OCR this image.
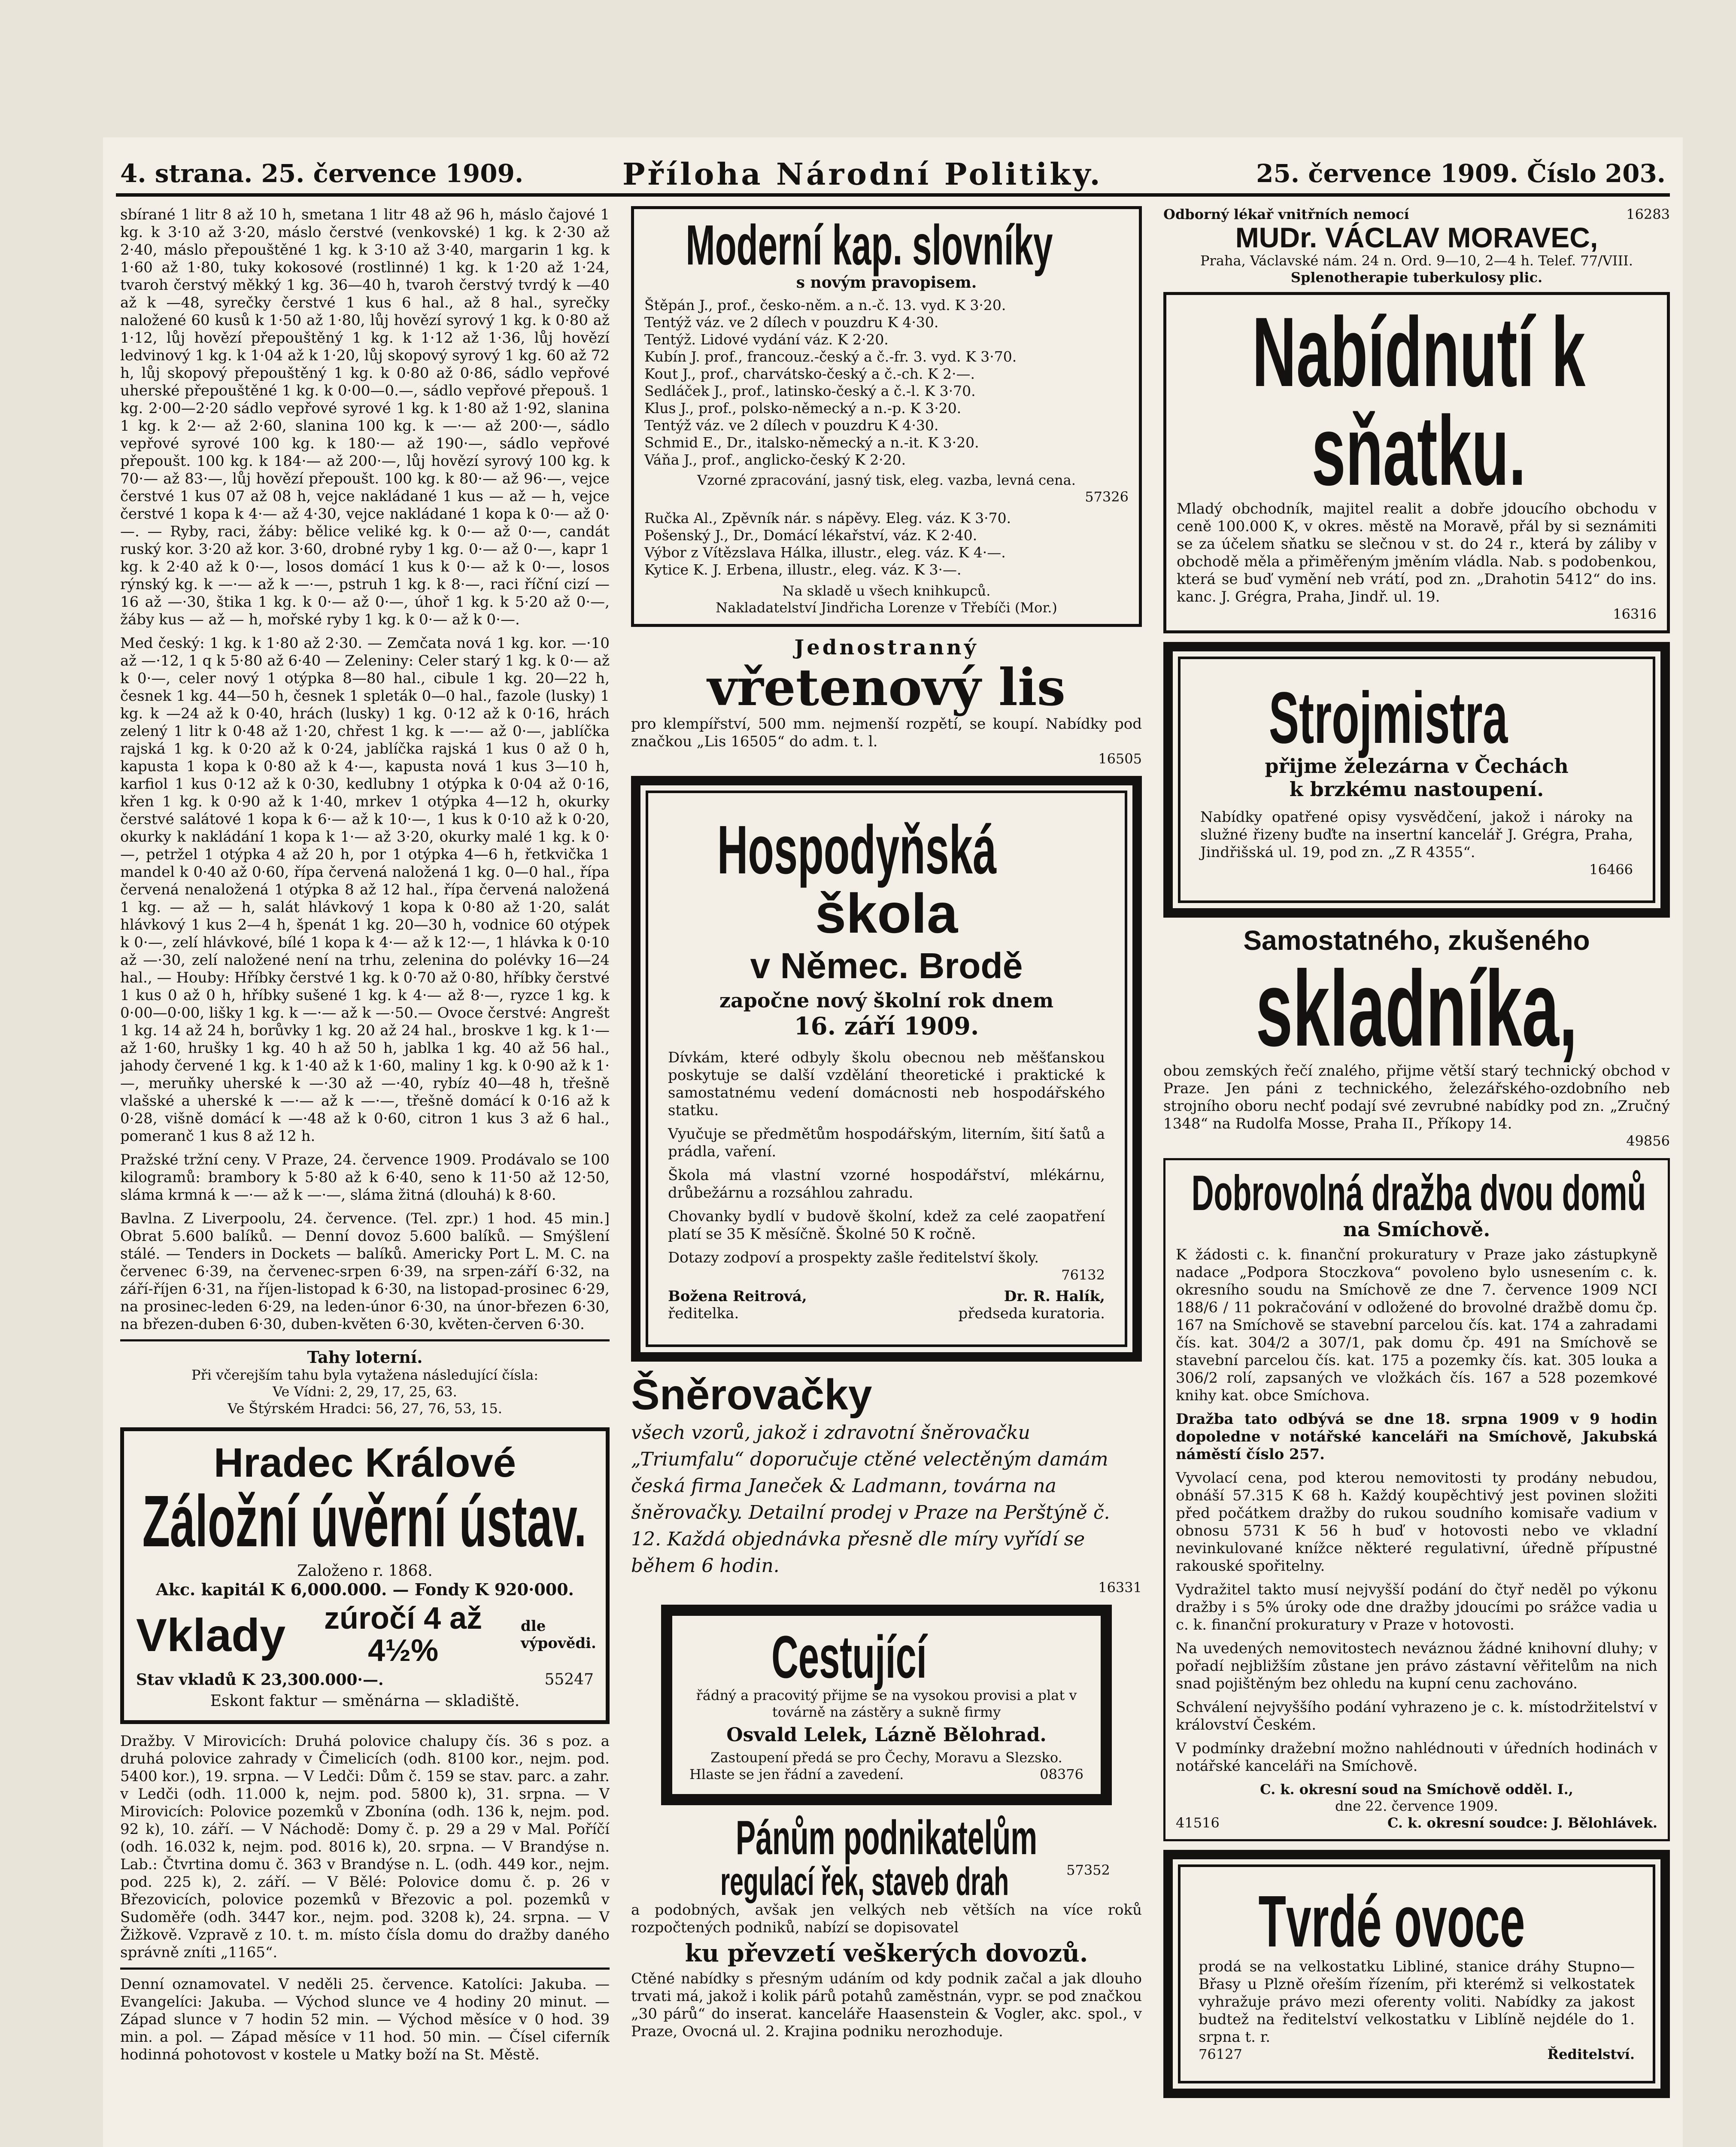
4. strana. 25. července 1909.	Příloha Národní Politiky.	25. července 1909. Číslo 203.

sbírané 1 litr 8 až 10 h, smetana 1 litr 48 až 96 h, máslo čajové 1 kg. k 3·10 až 3·20, máslo čerstvé (venkovské) 1 kg. k 2·30 až 2·40, máslo přepouštěné 1 kg. k 3·10 až 3·40, margarin 1 kg. k 1·60 až 1·80, tuky kokosové (rostlinné) 1 kg. k 1·20 až 1·24, tvaroh čerstvý měkký 1 kg. 36—40 h, tvaroh čerstvý tvrdý k —40 až k —48, syrečky čerstvé 1 kus 6 hal., až 8 hal., syrečky naložené 60 kusů k 1·50 až 1·80, lůj hovězí syrový 1 kg. k 0·80 až 1·12, lůj hovězí přepouštěný 1 kg. k 1·12 až 1·36, lůj hovězí ledvinový 1 kg. k 1·04 až k 1·20, lůj skopový syrový 1 kg. 60 až 72 h, lůj skopový přepouštěný 1 kg. k 0·80 až 0·86, sádlo vepřové uherské přepouštěné 1 kg. k 0·00—0.—, sádlo vepřové přepouš. 1 kg. 2·00—2·20 sádlo vepřové syrové 1 kg. k 1·80 až 1·92, slanina 1 kg. k 2·— až 2·60, slanina 100 kg. k —·— až 200·—, sádlo vepřové syrové 100 kg. k 180·— až 190·—, sádlo vepřové přepoušt. 100 kg. k 184·— až 200·—, lůj hovězí syrový 100 kg. k 70·— až 83·—, lůj hovězí přepoušt. 100 kg. k 80·— až 96·—, vejce čerstvé 1 kus 07 až 08 h, vejce nakládané 1 kus — až — h, vejce čerstvé 1 kopa k 4·— až 4·30, vejce nakládané 1 kopa k 0·— až 0·—. — Ryby, raci, žáby: bělice veliké kg. k 0·— až 0·—, candát ruský kor. 3·20 až kor. 3·60, drobné ryby 1 kg. 0·— až 0·—, kapr 1 kg. k 2·40 až k 0·—, losos domácí 1 kus k 0·— až k 0·—, losos rýnský kg. k —·— až k —·—, pstruh 1 kg. k 8·—, raci říční cizí —16 až —·30, štika 1 kg. k 0·— až 0·—, úhoř 1 kg. k 5·20 až 0·—, žáby kus — až — h, mořské ryby 1 kg. k 0·— až k 0·—.

Med český: 1 kg. k 1·80 až 2·30. — Zemčata nová 1 kg. kor. —·10 až —·12, 1 q k 5·80 až 6·40 — Zeleniny: Celer starý 1 kg. k 0·— až k 0·—, celer nový 1 otýpka 8—80 hal., cibule 1 kg. 20—22 h, česnek 1 kg. 44—50 h, česnek 1 spleták 0—0 hal., fazole (lusky) 1 kg. k —24 až k 0·40, hrách (lusky) 1 kg. 0·12 až k 0·16, hrách zelený 1 litr k 0·48 až 1·20, chřest 1 kg. k —·— až 0·—, jablíčka rajská 1 kg. k 0·20 až k 0·24, jablíčka rajská 1 kus 0 až 0 h, kapusta 1 kopa k 0·80 až k 4·—, kapusta nová 1 kus 3—10 h, karfiol 1 kus 0·12 až k 0·30, kedlubny 1 otýpka k 0·04 až 0·16, křen 1 kg. k 0·90 až k 1·40, mrkev 1 otýpka 4—12 h, okurky čerstvé salátové 1 kopa k 6·— až k 10·—, 1 kus k 0·10 až k 0·20, okurky k nakládání 1 kopa k 1·— až 3·20, okurky malé 1 kg. k 0·—, petržel 1 otýpka 4 až 20 h, por 1 otýpka 4—6 h, řetkvička 1 mandel k 0·40 až 0·60, řípa červená naložená 1 kg. 0—0 hal., řípa červená nenaložená 1 otýpka 8 až 12 hal., řípa červená naložená 1 kg. — až — h, salát hlávkový 1 kopa k 0·80 až 1·20, salát hlávkový 1 kus 2—4 h, špenát 1 kg. 20—30 h, vodnice 60 otýpek k 0·—, zelí hlávkové, bílé 1 kopa k 4·— až k 12·—, 1 hlávka k 0·10 až —·30, zelí naložené není na trhu, zelenina do polévky 16—24 hal., — Houby: Hříbky čerstvé 1 kg. k 0·70 až 0·80, hříbky čerstvé 1 kus 0 až 0 h, hříbky sušené 1 kg. k 4·— až 8·—, ryzce 1 kg. k 0·00—0·00, lišky 1 kg. k —·— až k —·50.— Ovoce čerstvé: Angrešt 1 kg. 14 až 24 h, borůvky 1 kg. 20 až 24 hal., broskve 1 kg. k 1·— až 1·60, hrušky 1 kg. 40 h až 50 h, jablka 1 kg. 40 až 56 hal., jahody červené 1 kg. k 1·40 až k 1·60, maliny 1 kg. k 0·90 až k 1·—, meruňky uherské k —·30 až —·40, rybíz 40—48 h, třešně vlašské a uherské k —·— až k —·—, třešně domácí k 0·16 až k 0·28, višně domácí k —·48 až k 0·60, citron 1 kus 3 až 6 hal., pomeranč 1 kus 8 až 12 h.

Pražské tržní ceny. V Praze, 24. července 1909. Prodávalo se 100 kilogramů: brambory k 5·80 až k 6·40, seno k 11·50 až 12·50, sláma krmná k —·— až k —·—, sláma žitná (dlouhá) k 8·60.

Bavlna. Z Liverpoolu, 24. července. (Tel. zpr.) 1 hod. 45 min.] Obrat 5.600 balíků. — Denní dovoz 5.600 balíků. — Smýšlení stálé. — Tenders in Dockets — balíků. Americky Port L. M. C. na červenec 6·39, na červenec-srpen 6·39, na srpen-září 6·32, na září-říjen 6·31, na říjen-listopad k 6·30, na listopad-prosinec 6·29, na prosinec-leden 6·29, na leden-únor 6·30, na únor-březen 6·30, na březen-duben 6·30, duben-květen 6·30, květen-červen 6·30.

Tahy loterní.
Při včerejším tahu byla vytažena následující čísla:
Ve Vídni: 2, 29, 17, 25, 63.
Ve Štýrském Hradci: 56, 27, 76, 53, 15.
Hradec Králové
Záložní úvěrní ústav.
Založeno r. 1868.
Akc. kapitál K 6,000.000. — Fondy K 920·000.
Vklady	zúročí 4 až 4½%
dle výpovědi.
Stav vkladů K 23,300.000·—.	55247
Eskont faktur — směnárna — skladiště.

Dražby. V Mirovicích: Druhá polovice chalupy čís. 36 s poz. a druhá polovice zahrady v Čimelicích (odh. 8100 kor., nejm. pod. 5400 kor.), 19. srpna. — V Ledči: Dům č. 159 se stav. parc. a zahr. v Ledči (odh. 11.000 k, nejm. pod. 5800 k), 31. srpna. — V Mirovicích: Polovice pozemků v Zbonína (odh. 136 k, nejm. pod. 92 k), 10. září. — V Náchodě: Domy č. p. 29 a 29 v Mal. Poříčí (odh. 16.032 k, nejm. pod. 8016 k), 20. srpna. — V Brandýse n. Lab.: Čtvrtina domu č. 363 v Brandýse n. L. (odh. 449 kor., nejm. pod. 225 k), 2. září. — V Bělé: Polovice domu č. p. 26 v Březovicích, polovice pozemků v Březovic a pol. pozemků v Sudoměře (odh. 3447 kor., nejm. pod. 3208 k), 24. srpna. — V Žižkově. Vzpravě z 10. t. m. místo čísla domu do dražby daného správně zníti „1165“.

Denní oznamovatel. V neděli 25. července. Katolíci: Jakuba. — Evangelíci: Jakuba. — Východ slunce ve 4 hodiny 20 minut. — Západ slunce v 7 hodin 52 min. — Východ měsíce v 0 hod. 39 min. a pol. — Západ měsíce v 11 hod. 50 min. — Čísel ciferník hodinná pohotovost v kostele u Matky boží na St. Městě.

Moderní kap. slovníky
s novým pravopisem.
Štěpán J., prof., česko-něm. a n.-č. 13. vyd. K 3·20.
Tentýž váz. ve 2 dílech v pouzdru K 4·30.
Tentýž. Lidové vydání váz. K 2·20.
Kubín J. prof., francouz.-český a č.-fr. 3. vyd. K 3·70.
Kout J., prof., charvátsko-český a č.-ch. K 2·—.
Sedláček J., prof., latinsko-český a č.-l. K 3·70.
Klus J., prof., polsko-německý a n.-p. K 3·20.
Tentýž váz. ve 2 dílech v pouzdru K 4·30.
Schmid E., Dr., italsko-německý a n.-it. K 3·20.
Váňa J., prof., anglicko-český K 2·20.
Vzorné zpracování, jasný tisk, eleg. vazba, levná cena.
57326
Ručka Al., Zpěvník nár. s nápěvy. Eleg. váz. K 3·70.
Pošenský J., Dr., Domácí lékařství, váz. K 2·40.
Výbor z Vítězslava Hálka, illustr., eleg. váz. K 4·—.
Kytice K. J. Erbena, illustr., eleg. váz. K 3·—.
Na skladě u všech knihkupců.
Nakladatelství Jindřicha Lorenze v Třebíči (Mor.)
Jednostranný
vřetenový lis

pro klempířství, 500 mm. nejmenší rozpětí, se koupí. Nabídky pod značkou „Lis 16505“ do adm. t. l.

16505
Hospodyňská
škola
v Němec. Brodě
započne nový školní rok dnem
16. září 1909.

Dívkám, které odbyly školu obecnou neb měšťanskou poskytuje se další vzdělání theoretické i praktické k samostatnému vedení domácnosti neb hospodářského statku.

Vyučuje se předmětům hospodářským, literním, šití šatů a prádla, vaření.

Škola má vlastní vzorné hospodářství, mlékárnu, drůbežárnu a rozsáhlou zahradu.

Chovanky bydlí v budově školní, kdež za celé zaopatření platí se 35 K měsíčně. Školné 50 K ročně.

Dotazy zodpoví a prospekty zašle ředitelství školy.

76132
Božena Reitrová,
ředitelka.
Dr. R. Halík,
předseda kuratoria.
Šněrovačky
všech vzorů, jakož i zdravotní šněrovačku „Triumfalu“ doporučuje ctěné velectěným damám česká firma Janeček & Ladmann, továrna na šněrovačky. Detailní prodej v Praze na Perštýně č. 12. Každá objednávka přesně dle míry vyřídí se během 6 hodin.
16331
Cestující
řádný a pracovitý přijme se na vysokou provisi a plat v továrně na zástěry a sukně firmy
Osvald Lelek, Lázně Bělohrad.
Zastoupení předá se pro Čechy, Moravu a Slezsko.
Hlaste se jen řádní a zavedení.	08376
Pánům podnikatelům
regulací řek, staveb drah	57352

a podobných, avšak jen velkých neb větších na více roků rozpočtených podniků, nabízí se dopisovatel

ku převzetí veškerých dovozů.

Ctěné nabídky s přesným udáním od kdy podnik začal a jak dlouho trvati má, jakož i kolik párů potahů zaměstnán, vypr. se pod značkou „30 párů“ do inserat. kanceláře Haasenstein & Vogler, akc. spol., v Praze, Ovocná ul. 2. Krajina podniku nerozhoduje.

Odborný lékař vnitřních nemocí	16283
MUDr. VÁCLAV MORAVEC,
Praha, Václavské nám. 24 n. Ord. 9—10, 2—4 h. Telef. 77/VIII.
Splenotherapie tuberkulosy plic.
Nabídnutí k sňatku.

Mladý obchodník, majitel realit a dobře jdoucího obchodu v ceně 100.000 K, v okres. městě na Moravě, přál by si seznámiti se za účelem sňatku se slečnou v st. do 24 r., která by záliby v obchodě měla a přiměřeným jměním vládla. Nab. s podobenkou, která se buď vymění neb vrátí, pod zn. „Drahotin 5412“ do ins. kanc. J. Grégra, Praha, Jindř. ul. 19.

16316
Strojmistra
přijme železárna v Čechách
k brzkému nastoupení.

Nabídky opatřené opisy vysvědčení, jakož i nároky na služné řizeny buďte na insertní kancelář J. Grégra, Praha, Jindřišská ul. 19, pod zn. „Z R 4355“.

16466
Samostatného, zkušeného
skladníka,

obou zemských řečí znalého, přijme větší starý technický obchod v Praze. Jen páni z technického, železářského-ozdobního neb strojního oboru nechť podají své zevrubné nabídky pod zn. „Zručný 1348“ na Rudolfa Mosse, Praha II., Příkopy 14.

49856
Dobrovolná dražba dvou domů
na Smíchově.

K žádosti c. k. finanční prokuratury v Praze jako zástupkyně nadace „Podpora Stoczkova“ povoleno bylo usnesením c. k. okresního soudu na Smíchově ze dne 7. července 1909 NCI 188/6 / 11 pokračování v odložené do brovolné dražbě domu čp. 167 na Smíchově se stavební parcelou čís. kat. 174 a zahradami čís. kat. 304/2 a 307/1, pak domu čp. 491 na Smíchově se stavební parcelou čís. kat. 175 a pozemky čís. kat. 305 louka a 306/2 rolí, zapsaných ve vložkách čís. 167 a 528 pozemkové knihy kat. obce Smíchova.

Dražba tato odbývá se dne 18. srpna 1909 v 9 hodin dopoledne v notářské kanceláři na Smíchově, Jakubská náměstí číslo 257.

Vyvolací cena, pod kterou nemovitosti ty prodány nebudou, obnáší 57.315 K 68 h. Každý koupěchtivý jest povinen složiti před počátkem dražby do rukou soudního komisaře vadium v obnosu 5731 K 56 h buď v hotovosti nebo ve vkladní nevinkulované knížce některé regulativní, úředně přípustné rakouské spořitelny.

Vydražitel takto musí nejvyšší podání do čtyř neděl po výkonu dražby i s 5% úroky ode dne dražby jdoucími po srážce vadia u c. k. finanční prokuratury v Praze v hotovosti.

Na uvedených nemovitostech neváznou žádné knihovní dluhy; v pořadí nejbližším zůstane jen právo zástavní věřitelům na nich snad pojištěným bez ohledu na kupní cenu zachováno.

Schválení nejvyššího podání vyhrazeno je c. k. místodržitelství v království Českém.

V podmínky dražební možno nahlédnouti v úředních hodinách v notářské kanceláři na Smíchově.

C. k. okresní soud na Smíchově odděl. I.,
dne 22. července 1909.
41516	C. k. okresní soudce: J. Bělohlávek.
Tvrdé ovoce

prodá se na velkostatku Libliné, stanice dráhy Stupno—Břasy u Plzně ořeším řízením, při kterémž si velkostatek vyhražuje právo mezi oferenty voliti. Nabídky za jakost budtež na ředitelství velkostatku v Liblíně nejdéle do 1. srpna t. r.

76127	Ředitelství.
